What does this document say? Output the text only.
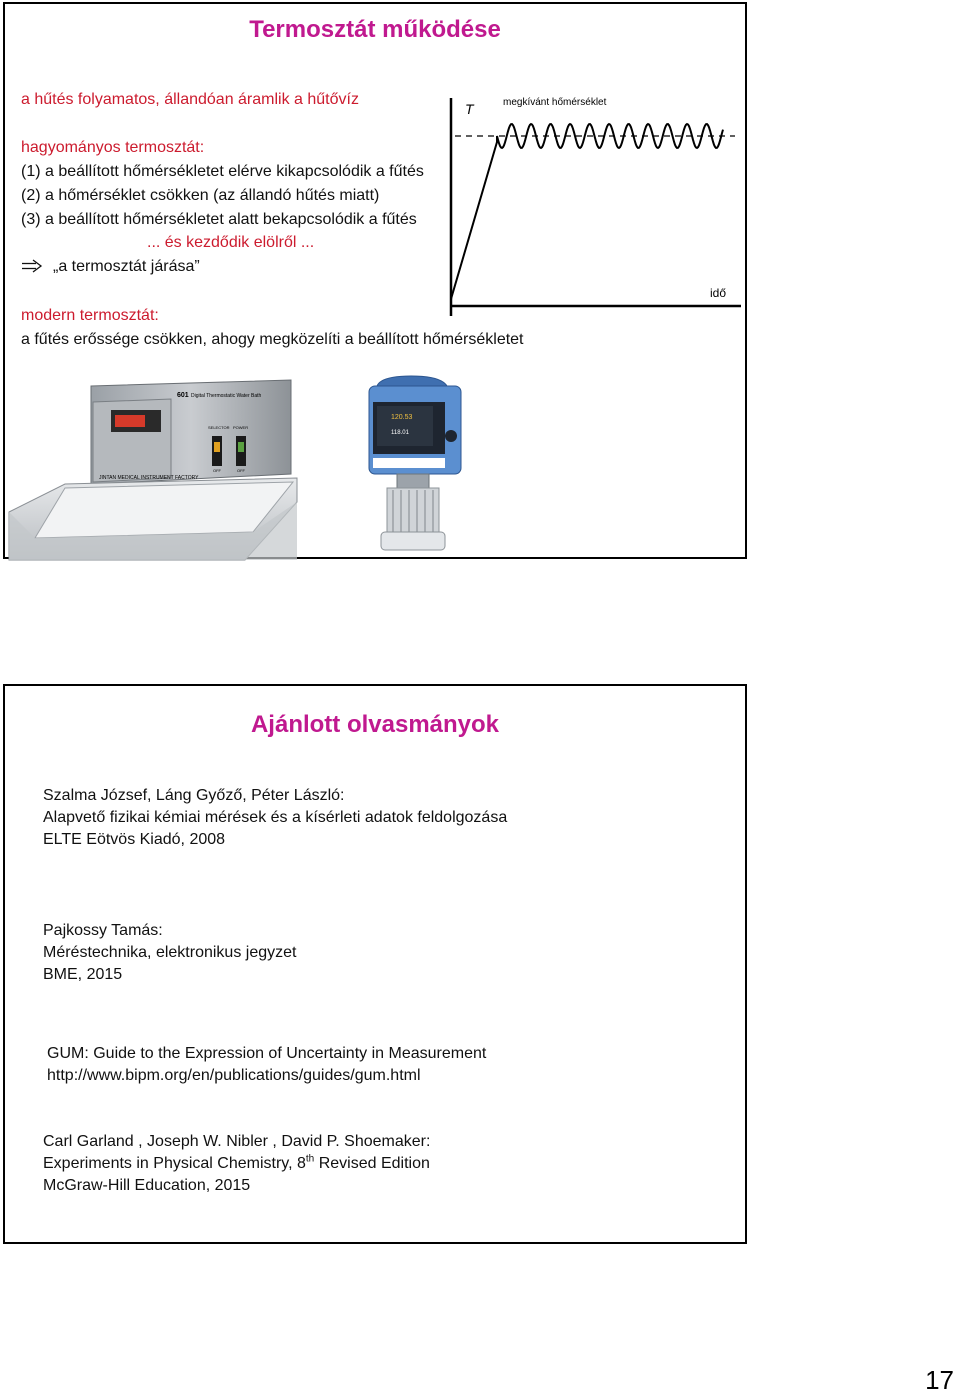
Termosztát működése
a hűtés folyamatos, állandóan áramlik a hűtővíz
hagyományos termosztát:
(1) a beállított hőmérsékletet elérve kikapcsolódik a fűtés
(2) a hőmérséklet csökken (az állandó hűtés miatt)
(3) a beállított hőmérsékletet alatt bekapcsolódik a fűtés
... és kezdődik elölről ...
„a termosztát járása”
modern termosztát:
a fűtés erőssége csökken, ahogy megközelíti a beállított hőmérsékletet
T	megkívánt hőmérséklet
idő
601 Digital Thermostatic Water Bath
SELECTOR POWER
OFF	OFF
JINTAN MEDICAL INSTRUMENT FACTORY
120.53
118.01
Ajánlott olvasmányok
Szalma József, Láng Győző, Péter László:
Alapvető fizikai kémiai mérések és a kísérleti adatok feldolgozása
ELTE Eötvös Kiadó, 2008
Pajkossy Tamás:
Méréstechnika, elektronikus jegyzet
BME, 2015
GUM: Guide to the Expression of Uncertainty in Measurement
http://www.bipm.org/en/publications/guides/gum.html
Carl Garland , Joseph W. Nibler , David P. Shoemaker:
Experiments in Physical Chemistry, 8th Revised Edition
McGraw-Hill Education, 2015
17
